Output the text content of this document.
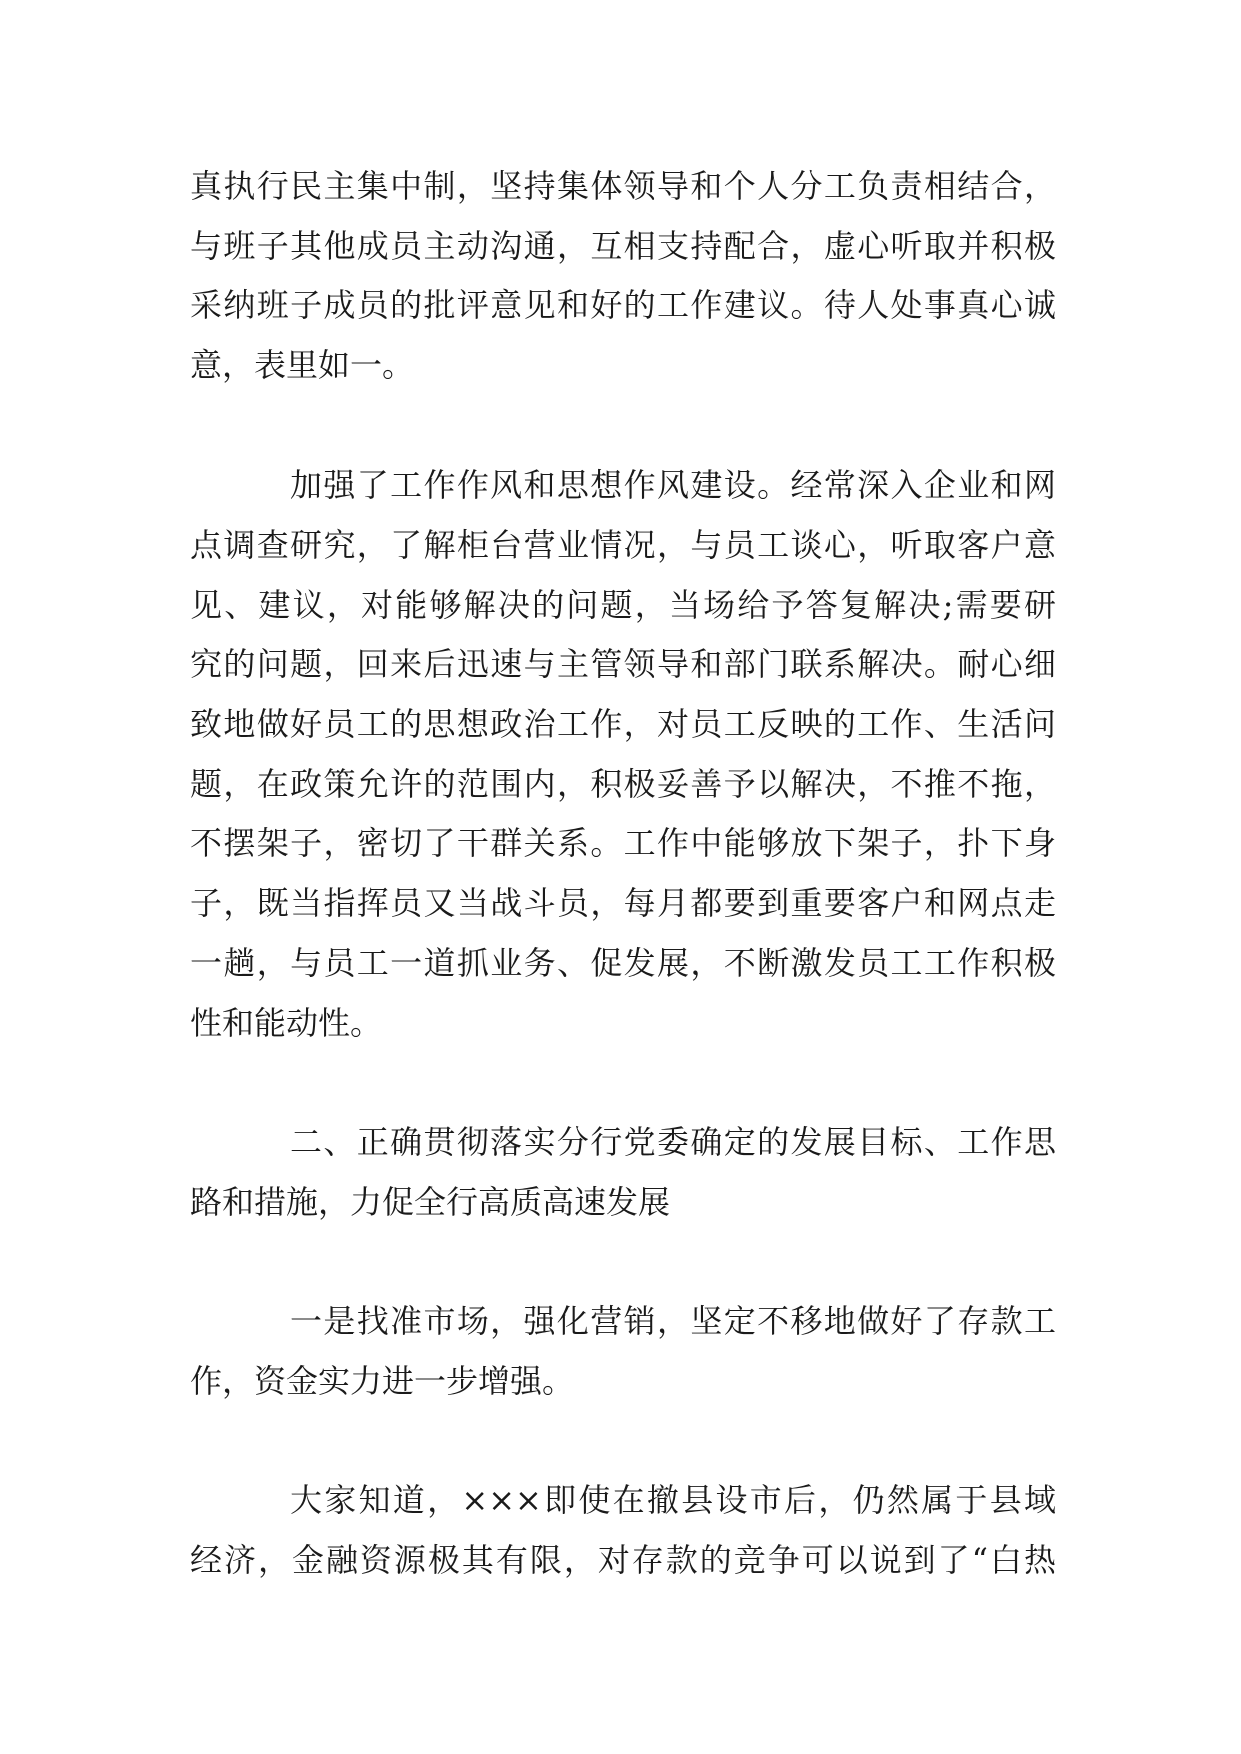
真执行民主集中制，坚持集体领导和个人分工负责相结合，
与班子其他成员主动沟通，互相支持配合，虚心听取并积极
采纳班子成员的批评意见和好的工作建议。待人处事真心诚
意，表里如一。
加强了工作作风和思想作风建设。经常深入企业和网
点调查研究，了解柜台营业情况，与员工谈心，听取客户意
见、建议，对能够解决的问题，当场给予答复解决;需要研
究的问题，回来后迅速与主管领导和部门联系解决。耐心细
致地做好员工的思想政治工作，对员工反映的工作、生活问
题，在政策允许的范围内，积极妥善予以解决，不推不拖，
不摆架子，密切了干群关系。工作中能够放下架子，扑下身
子，既当指挥员又当战斗员，每月都要到重要客户和网点走
一趟，与员工一道抓业务、促发展，不断激发员工工作积极
性和能动性。
二、正确贯彻落实分行党委确定的发展目标、工作思
路和措施，力促全行高质高速发展
一是找准市场，强化营销，坚定不移地做好了存款工
作，资金实力进一步增强。
大家知道，×××即使在撤县设市后，仍然属于县域
经济，金融资源极其有限，对存款的竞争可以说到了“白热
